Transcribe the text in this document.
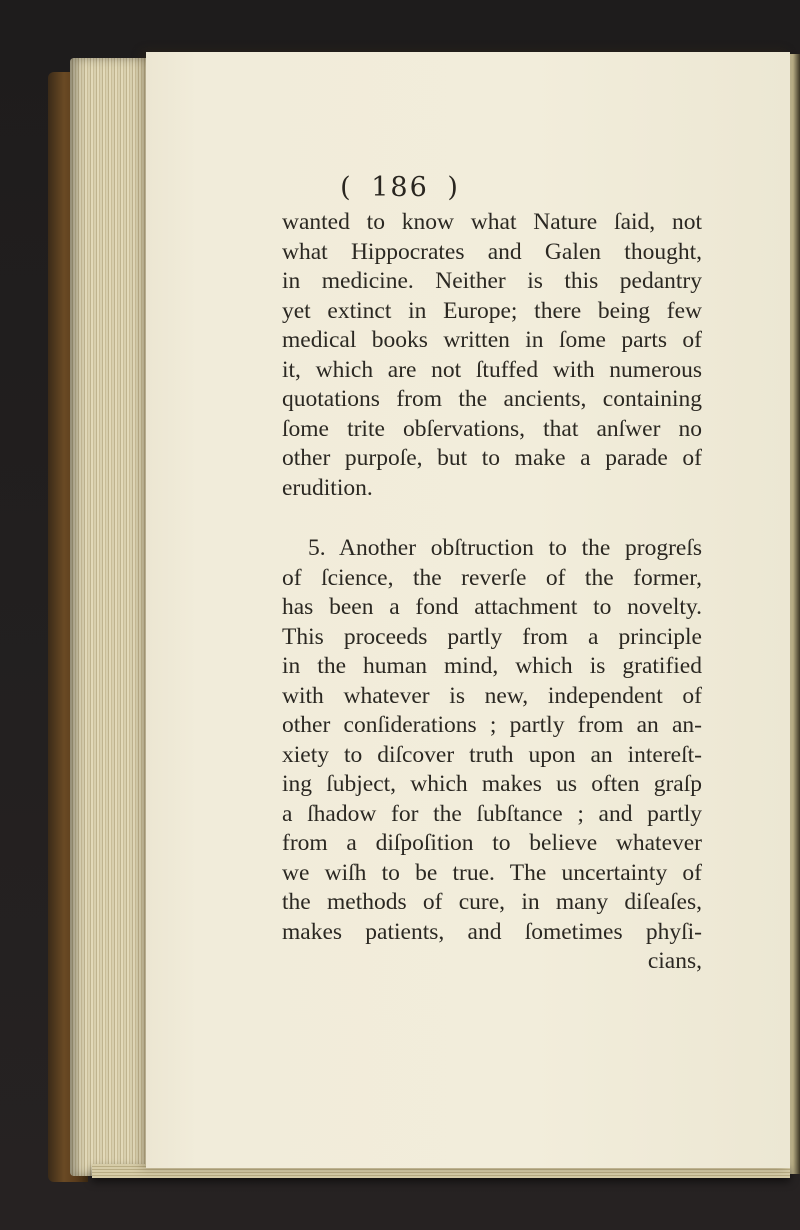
( 186 )
wanted to know what Nature ſaid, not
what Hippocrates and Galen thought,
in medicine. Neither is this pedantry
yet extinct in Europe; there being few
medical books written in ſome parts of
it, which are not ſtuffed with numerous
quotations from the ancients, containing
ſome trite obſervations, that anſwer no
other purpoſe, but to make a parade of
erudition.
5. Another obſtruction to the progreſs
of ſcience, the reverſe of the former,
has been a fond attachment to novelty.
This proceeds partly from a principle
in the human mind, which is gratified
with whatever is new, independent of
other conſiderations ; partly from an an-
xiety to diſcover truth upon an intereſt-
ing ſubject, which makes us often graſp
a ſhadow for the ſubſtance ; and partly
from a diſpoſition to believe whatever
we wiſh to be true. The uncertainty of
the methods of cure, in many diſeaſes,
makes patients, and ſometimes phyſi-
cians,
